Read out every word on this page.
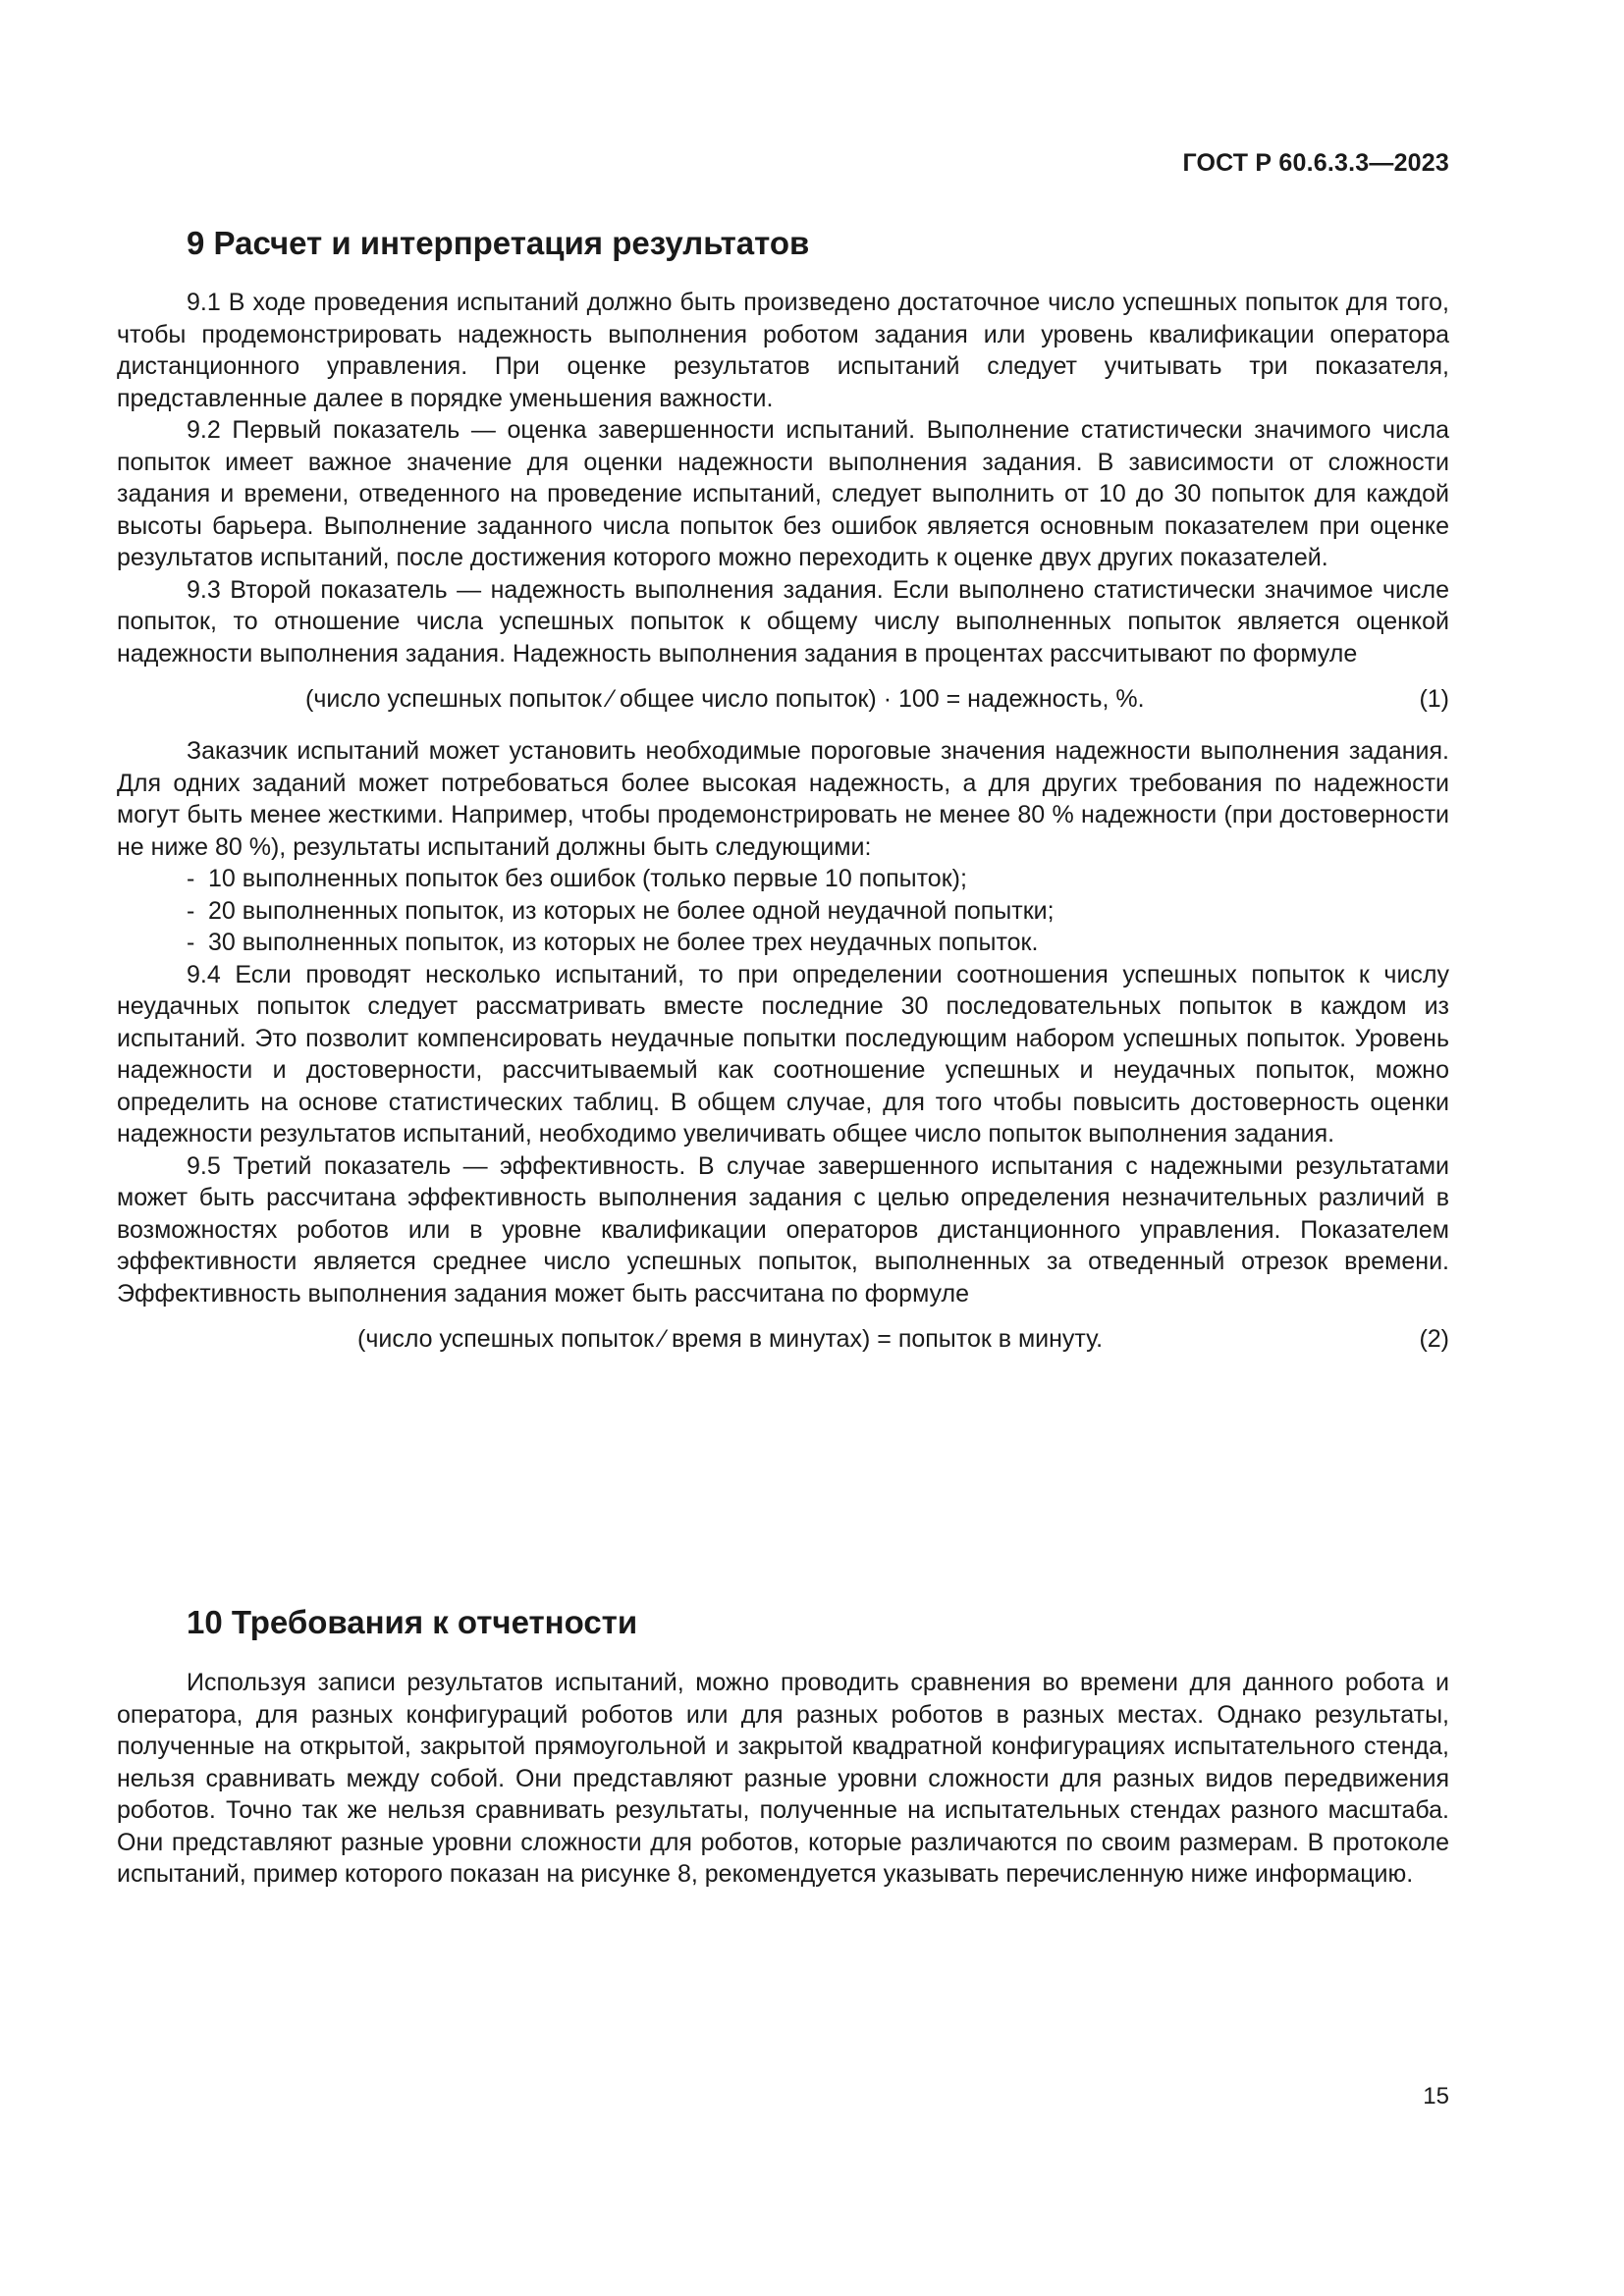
ГОСТ Р 60.6.3.3—2023
9 Расчет и интерпретация результатов

9.1 В ходе проведения испытаний должно быть произведено достаточное число успешных попыток для того, чтобы продемонстрировать надежность выполнения роботом задания или уровень квалификации оператора дистанционного управления. При оценке результатов испытаний следует учитывать три показателя, представленные далее в порядке уменьшения важности.

9.2 Первый показатель — оценка завершенности испытаний. Выполнение статистически значимого числа попыток имеет важное значение для оценки надежности выполнения задания. В зависимости от сложности задания и времени, отведенного на проведение испытаний, следует выполнить от 10 до 30 попыток для каждой высоты барьера. Выполнение заданного числа попыток без ошибок является основным показателем при оценке результатов испытаний, после достижения которого можно переходить к оценке двух других показателей.

9.3 Второй показатель — надежность выполнения задания. Если выполнено статистически значимое числе попыток, то отношение числа успешных попыток к общему числу выполненных попыток является оценкой надежности выполнения задания. Надежность выполнения задания в процентах рассчитывают по формуле

(число успешных попыток ⁄ общее число попыток) · 100 = надежность, %.	(1)

Заказчик испытаний может установить необходимые пороговые значения надежности выполнения задания. Для одних заданий может потребоваться более высокая надежность, а для других требования по надежности могут быть менее жесткими. Например, чтобы продемонстрировать не менее 80 % надежности (при достоверности не ниже 80 %), результаты испытаний должны быть следующими:

- 10 выполненных попыток без ошибок (только первые 10 попыток);
- 20 выполненных попыток, из которых не более одной неудачной попытки;
- 30 выполненных попыток, из которых не более трех неудачных попыток.

9.4 Если проводят несколько испытаний, то при определении соотношения успешных попыток к числу неудачных попыток следует рассматривать вместе последние 30 последовательных попыток в каждом из испытаний. Это позволит компенсировать неудачные попытки последующим набором успешных попыток. Уровень надежности и достоверности, рассчитываемый как соотношение успешных и неудачных попыток, можно определить на основе статистических таблиц. В общем случае, для того чтобы повысить достоверность оценки надежности результатов испытаний, необходимо увеличивать общее число попыток выполнения задания.

9.5 Третий показатель — эффективность. В случае завершенного испытания с надежными результатами может быть рассчитана эффективность выполнения задания с целью определения незначительных различий в возможностях роботов или в уровне квалификации операторов дистанционного управления. Показателем эффективности является среднее число успешных попыток, выполненных за отведенный отрезок времени. Эффективность выполнения задания может быть рассчитана по формуле

(число успешных попыток ⁄ время в минутах) = попыток в минуту.	(2)
10 Требования к отчетности

Используя записи результатов испытаний, можно проводить сравнения во времени для данного робота и оператора, для разных конфигураций роботов или для разных роботов в разных местах. Однако результаты, полученные на открытой, закрытой прямоугольной и закрытой квадратной конфигурациях испытательного стенда, нельзя сравнивать между собой. Они представляют разные уровни сложности для разных видов передвижения роботов. Точно так же нельзя сравнивать результаты, полученные на испытательных стендах разного масштаба. Они представляют разные уровни сложности для роботов, которые различаются по своим размерам. В протоколе испытаний, пример которого показан на рисунке 8, рекомендуется указывать перечисленную ниже информацию.

15
